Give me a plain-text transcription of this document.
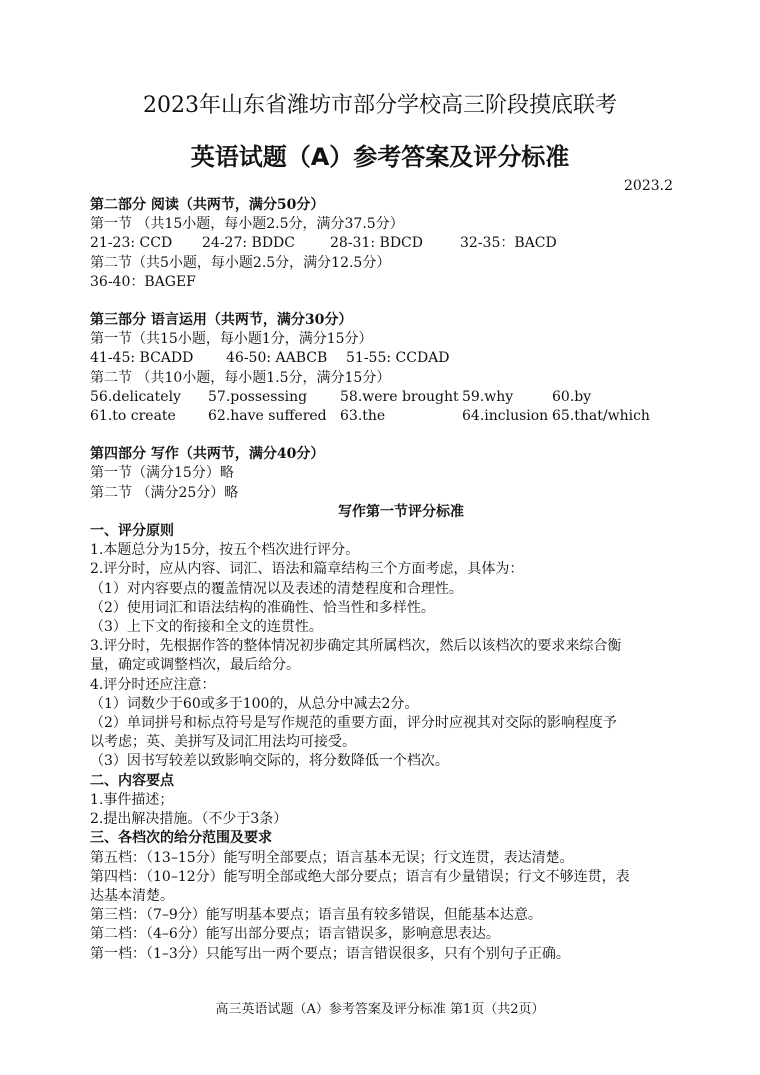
2023年山东省潍坊市部分学校高三阶段摸底联考
英语试题（A）参考答案及评分标准
2023.2
第二部分 阅读（共两节，满分50分）
第一节 （共15小题，每小题2.5分，满分37.5分）
21-23: CCD	24-27: BDDC	28-31: BDCD	32-35：BACD
第二节（共5小题，每小题2.5分，满分12.5分）
36-40：BAGEF
第三部分 语言运用（共两节，满分30分）
第一节（共15小题，每小题1分，满分15分）
41-45: BCADD	46-50: AABCB	51-55: CCDAD
第二节 （共10小题，每小题1.5分，满分15分）
56.delicately	57.possessing	58.were brought 59.why	60.by
61.to create	62.have suffered 63.the	64.inclusion 65.that/which
第四部分 写作（共两节，满分40分）
第一节（满分15分）略
第二节 （满分25分）略
写作第一节评分标准
一、评分原则
1.本题总分为15分，按五个档次进行评分。
2.评分时，应从内容、词汇、语法和篇章结构三个方面考虑，具体为：
（1）对内容要点的覆盖情况以及表述的清楚程度和合理性。
（2）使用词汇和语法结构的准确性、恰当性和多样性。
（3）上下文的衔接和全文的连贯性。
3.评分时，先根据作答的整体情况初步确定其所属档次，然后以该档次的要求来综合衡
量，确定或调整档次，最后给分。
4.评分时还应注意：
（1）词数少于60或多于100的，从总分中减去2分。
（2）单词拼号和标点符号是写作规范的重要方面，评分时应视其对交际的影响程度予
以考虑；英、美拼写及词汇用法均可接受。
（3）因书写较差以致影响交际的，将分数降低一个档次。
二、内容要点
1.事件描述；
2.提出解决措施。（不少于3条）
三、各档次的给分范围及要求
第五档：（13–15分）能写明全部要点；语言基本无误；行文连贯，表达清楚。
第四档：（10–12分）能写明全部或绝大部分要点；语言有少量错误；行文不够连贯，表
达基本清楚。
第三档：（7–9分）能写明基本要点；语言虽有较多错误，但能基本达意。
第二档：（4–6分）能写出部分要点；语言错误多，影响意思表达。
第一档：（1–3分）只能写出一两个要点；语言错误很多，只有个别句子正确。
高三英语试题（A）参考答案及评分标准 第1页（共2页）
